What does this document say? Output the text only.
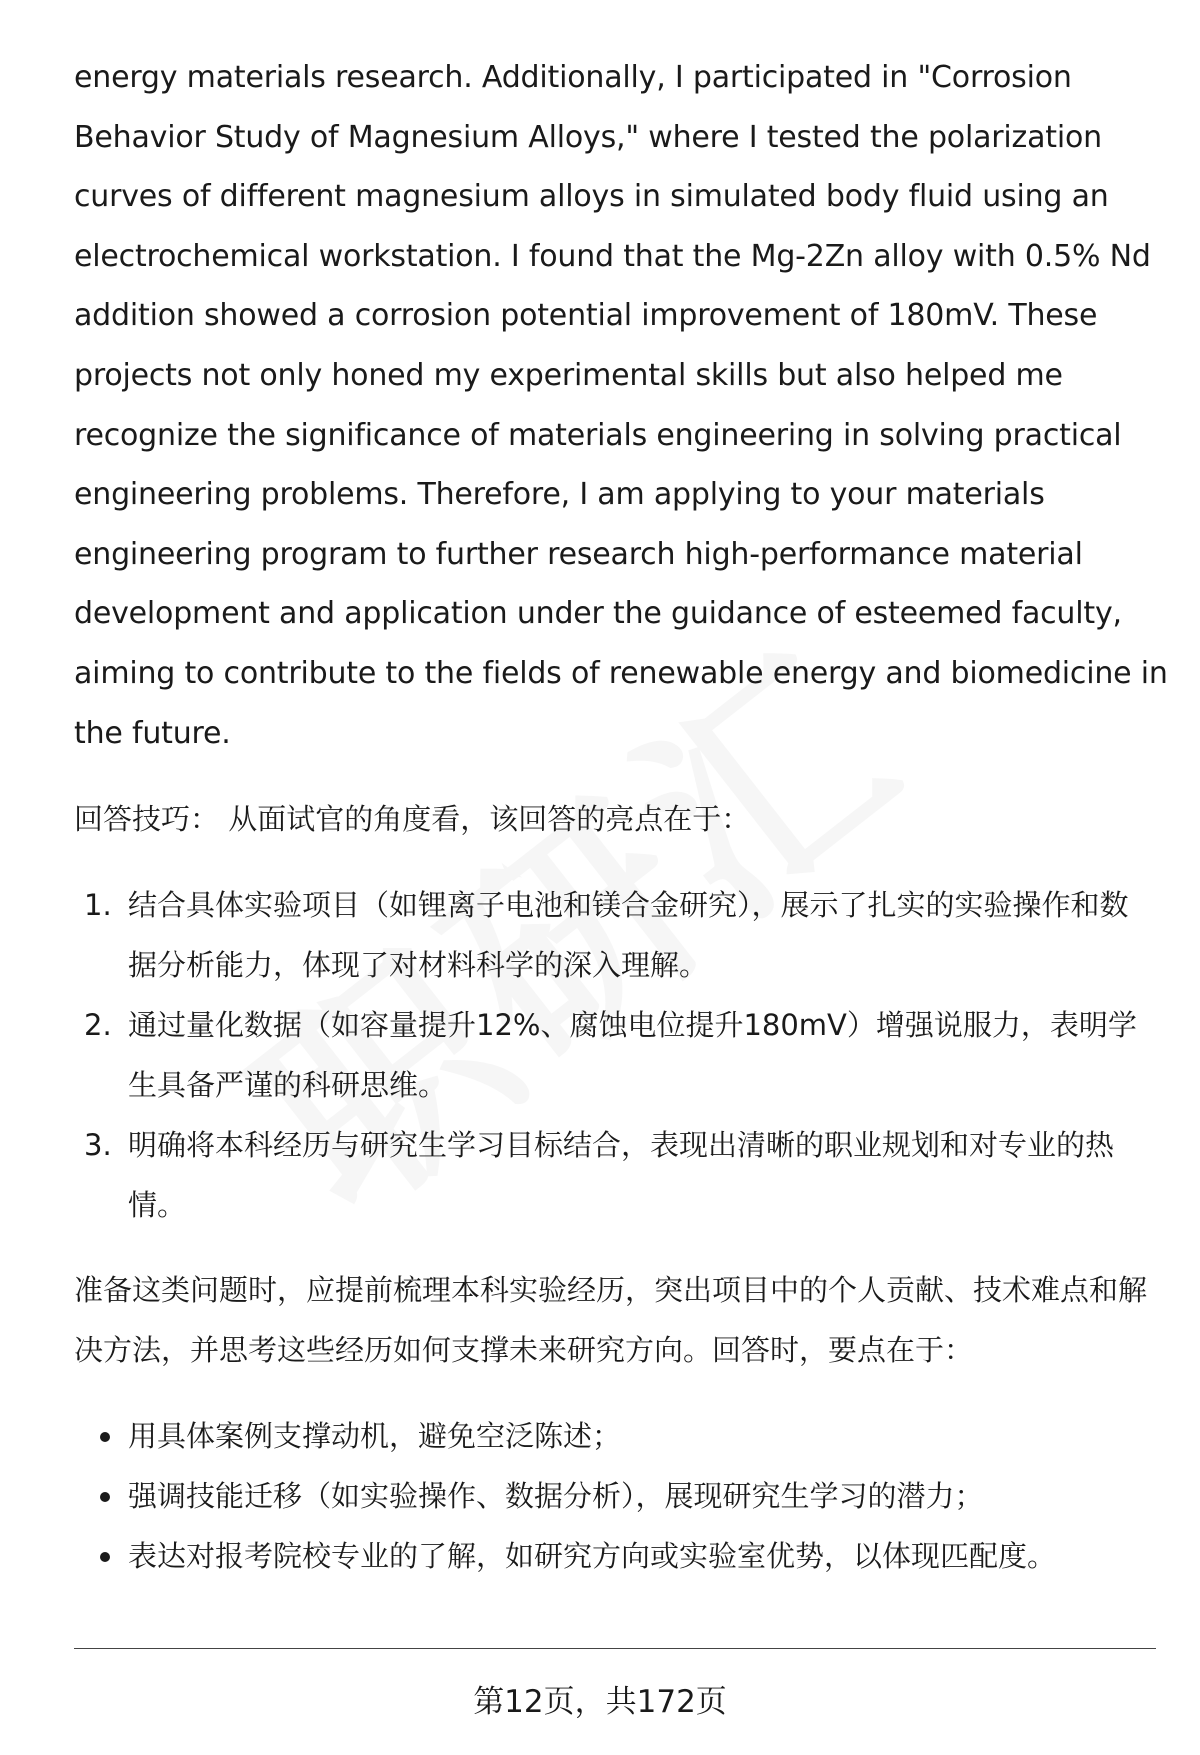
energy materials research. Additionally, I participated in "Corrosion
Behavior Study of Magnesium Alloys," where I tested the polarization
curves of different magnesium alloys in simulated body fluid using an
electrochemical workstation. I found that the Mg-2Zn alloy with 0.5% Nd
addition showed a corrosion potential improvement of 180mV. These
projects not only honed my experimental skills but also helped me
recognize the significance of materials engineering in solving practical
engineering problems. Therefore, I am applying to your materials
engineering program to further research high-performance material
development and application under the guidance of esteemed faculty,
aiming to contribute to the fields of renewable energy and biomedicine in
the future.

回答技巧： 从面试官的角度看，该回答的亮点在于：

1. 结合具体实验项目（如锂离子电池和镁合金研究），展示了扎实的实验操作和数据分析能力，体现了对材料科学的深入理解。
2. 通过量化数据（如容量提升12%、腐蚀电位提升180mV）增强说服力，表明学生具备严谨的科研思维。
3. 明确将本科经历与研究生学习目标结合，表现出清晰的职业规划和对专业的热情。

准备这类问题时，应提前梳理本科实验经历，突出项目中的个人贡献、技术难点和解决方法，并思考这些经历如何支撑未来研究方向。回答时，要点在于：

用具体案例支撑动机，避免空泛陈述；
强调技能迁移（如实验操作、数据分析），展现研究生学习的潜力；
表达对报考院校专业的了解，如研究方向或实验室优势，以体现匹配度。
第12页，共172页
